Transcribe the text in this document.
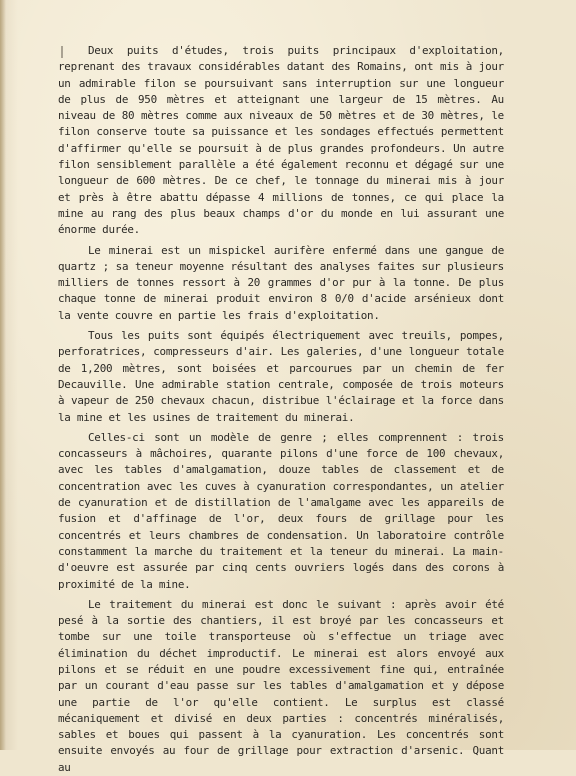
Deux puits d'études, trois puits principaux d'exploitation, reprenant des travaux considérables datant des Romains, ont mis à jour un admirable filon se poursuivant sans interruption sur une longueur de plus de 950 mètres et atteignant une largeur de 15 mètres. Au niveau de 80 mètres comme aux niveaux de 50 mètres et de 30 mètres, le filon conserve toute sa puissance et les sondages effectués permettent d'affirmer qu'elle se poursuit à de plus grandes profondeurs. Un autre filon sensiblement parallèle a été également reconnu et dégagé sur une longueur de 600 mètres. De ce chef, le tonnage du minerai mis à jour et près à être abattu dépasse 4 millions de tonnes, ce qui place la mine au rang des plus beaux champs d'or du monde en lui assurant une énorme durée.

Le minerai est un mispickel aurifère enfermé dans une gangue de quartz ; sa teneur moyenne résultant des analyses faites sur plusieurs milliers de tonnes ressort à 20 grammes d'or pur à la tonne. De plus chaque tonne de minerai produit environ 8 0/0 d'acide arsénieux dont la vente couvre en partie les frais d'exploitation.

Tous les puits sont équipés électriquement avec treuils, pompes, perforatrices, compresseurs d'air. Les galeries, d'une longueur totale de 1,200 mètres, sont boisées et parcourues par un chemin de fer Decauville. Une admirable station centrale, composée de trois moteurs à vapeur de 250 chevaux chacun, distribue l'éclairage et la force dans la mine et les usines de traitement du minerai.

Celles-ci sont un modèle de genre ; elles comprennent : trois concasseurs à mâchoires, quarante pilons d'une force de 100 chevaux, avec les tables d'amalgamation, douze tables de classement et de concentration avec les cuves à cyanuration correspondantes, un atelier de cyanuration et de distillation de l'amalgame avec les appareils de fusion et d'affinage de l'or, deux fours de grillage pour les concentrés et leurs chambres de condensation. Un laboratoire contrôle constamment la marche du traitement et la teneur du minerai. La main-d'oeuvre est assurée par cinq cents ouvriers logés dans des corons à proximité de la mine.

Le traitement du minerai est donc le suivant : après avoir été pesé à la sortie des chantiers, il est broyé par les concasseurs et tombe sur une toile transporteuse où s'effectue un triage avec élimination du déchet improductif. Le minerai est alors envoyé aux pilons et se réduit en une poudre excessivement fine qui, entraînée par un courant d'eau passe sur les tables d'amalgamation et y dépose une partie de l'or qu'elle contient. Le surplus est classé mécaniquement et divisé en deux parties : concentrés minéralisés, sables et boues qui passent à la cyanuration. Les concentrés sont ensuite envoyés au four de grillage pour extraction d'arsenic. Quant au
